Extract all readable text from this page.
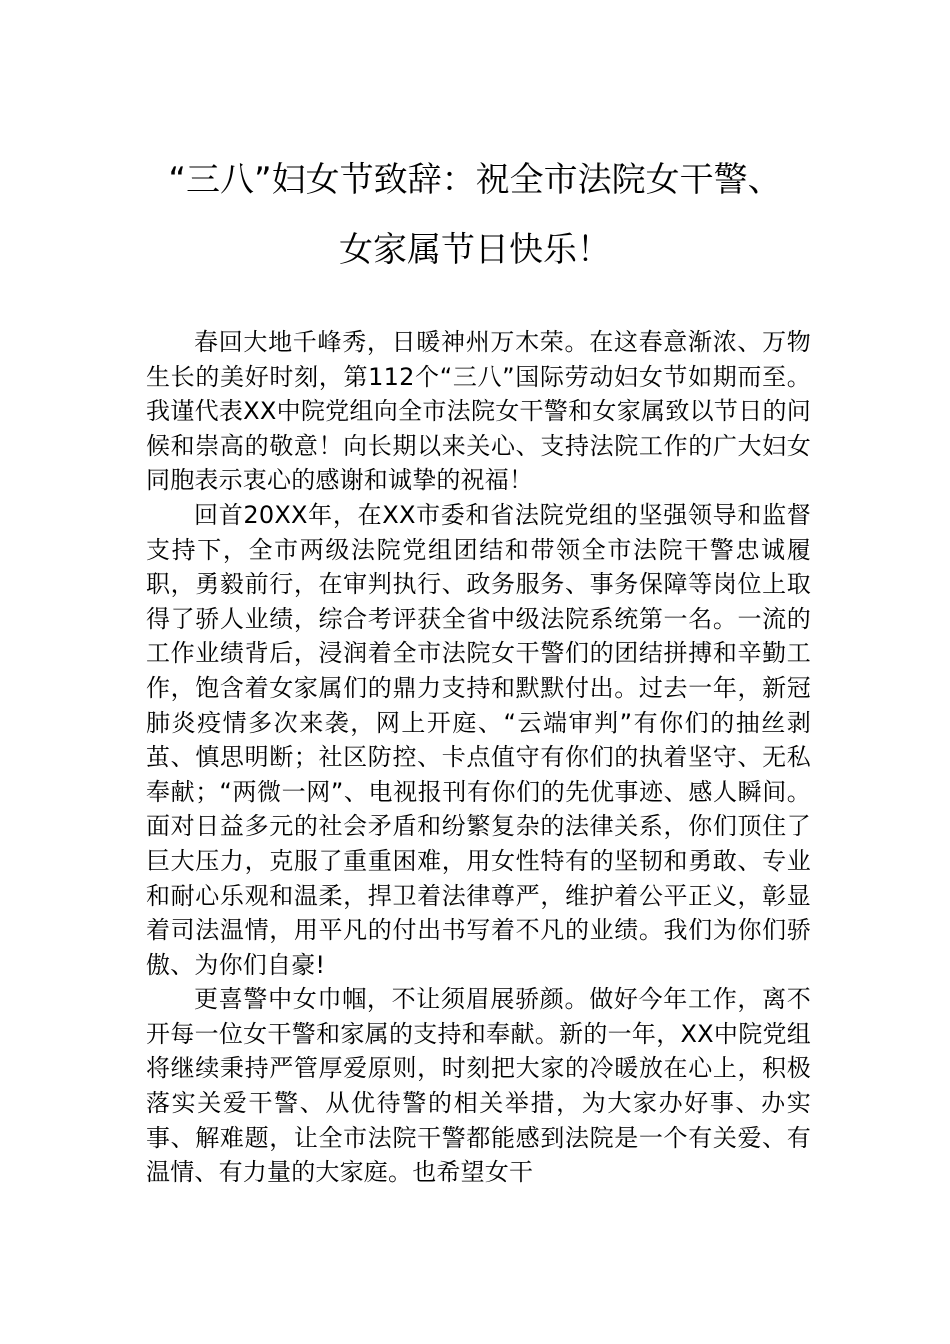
“三八”妇女节致辞：祝全市法院女干警、
女家属节日快乐！

春回大地千峰秀，日暖神州万木荣。在这春意渐浓、万物生长的美好时刻，第112个“三八”国际劳动妇女节如期而至。我谨代表XX中院党组向全市法院女干警和女家属致以节日的问候和崇高的敬意！向长期以来关心、支持法院工作的广大妇女同胞表示衷心的感谢和诚挚的祝福！

回首20XX年，在XX市委和省法院党组的坚强领导和监督支持下，全市两级法院党组团结和带领全市法院干警忠诚履职，勇毅前行，在审判执行、政务服务、事务保障等岗位上取得了骄人业绩，综合考评获全省中级法院系统第一名。一流的工作业绩背后，浸润着全市法院女干警们的团结拼搏和辛勤工作，饱含着女家属们的鼎力支持和默默付出。过去一年，新冠肺炎疫情多次来袭，网上开庭、“云端审判”有你们的抽丝剥茧、慎思明断；社区防控、卡点值守有你们的执着坚守、无私奉献；“两微一网”、电视报刊有你们的先优事迹、感人瞬间。面对日益多元的社会矛盾和纷繁复杂的法律关系，你们顶住了巨大压力，克服了重重困难，用女性特有的坚韧和勇敢、专业和耐心乐观和温柔，捍卫着法律尊严，维护着公平正义，彰显着司法温情，用平凡的付出书写着不凡的业绩。我们为你们骄傲、为你们自豪!

更喜警中女巾帼，不让须眉展骄颜。做好今年工作，离不开每一位女干警和家属的支持和奉献。新的一年，XX中院党组将继续秉持严管厚爱原则，时刻把大家的冷暖放在心上，积极落实关爱干警、从优待警的相关举措，为大家办好事、办实事、解难题，让全市法院干警都能感到法院是一个有关爱、有温情、有力量的大家庭。也希望女干
